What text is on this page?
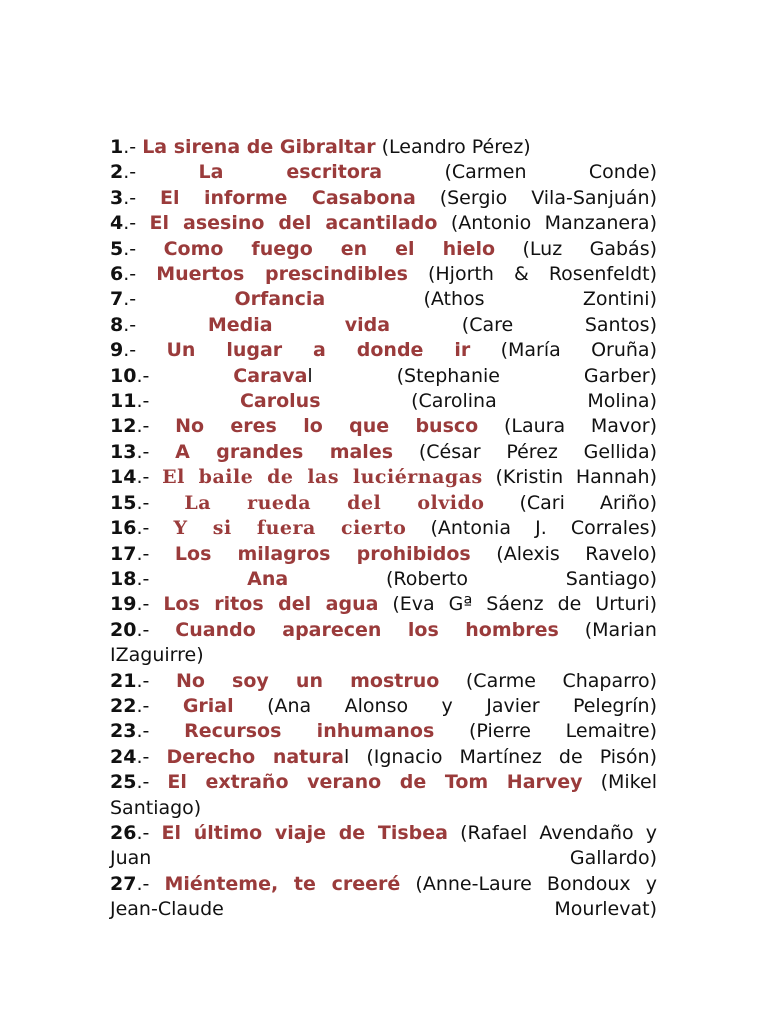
1.- La sirena de Gibraltar (Leandro Pérez)
2.-	La escritora	(Carmen Conde)
3.- El informe Casabona (Sergio Vila-Sanjuán)
4.- El asesino del acantilado (Antonio Manzanera)
5.- Como fuego en el hielo (Luz Gabás)
6.- Muertos prescindibles (Hjorth & Rosenfeldt)
7.-	Orfancia	(Athos Zontini)
8.-	Media vida	(Care Santos)
9.- Un lugar a donde ir (María Oruña)
10.-	Caraval	(Stephanie Garber)
11.-	Carolus	(Carolina Molina)
12.- No eres lo que busco (Laura Mavor)
13.- A grandes males (César Pérez Gellida)
14.- El baile de las luciérnagas (Kristin Hannah)
15.- La rueda del olvido (Cari Ariño)
16.- Y si fuera cierto (Antonia J. Corrales)
17.- Los milagros prohibidos (Alexis Ravelo)
18.-	Ana	(Roberto Santiago)
19.- Los ritos del agua (Eva Gª Sáenz de Urturi)
20.- Cuando aparecen los hombres (Marian
IZaguirre)
21.- No soy un mostruo (Carme Chaparro)
22.- Grial (Ana Alonso y Javier Pelegrín)
23.- Recursos inhumanos (Pierre Lemaitre)
24.- Derecho natural (Ignacio Martínez de Pisón)
25.- El extraño verano de Tom Harvey (Mikel
Santiago)
26.- El último viaje de Tisbea (Rafael Avendaño y
Juan Gallardo)
27.- Miénteme, te creeré (Anne-Laure Bondoux y
Jean-Claude Mourlevat)
